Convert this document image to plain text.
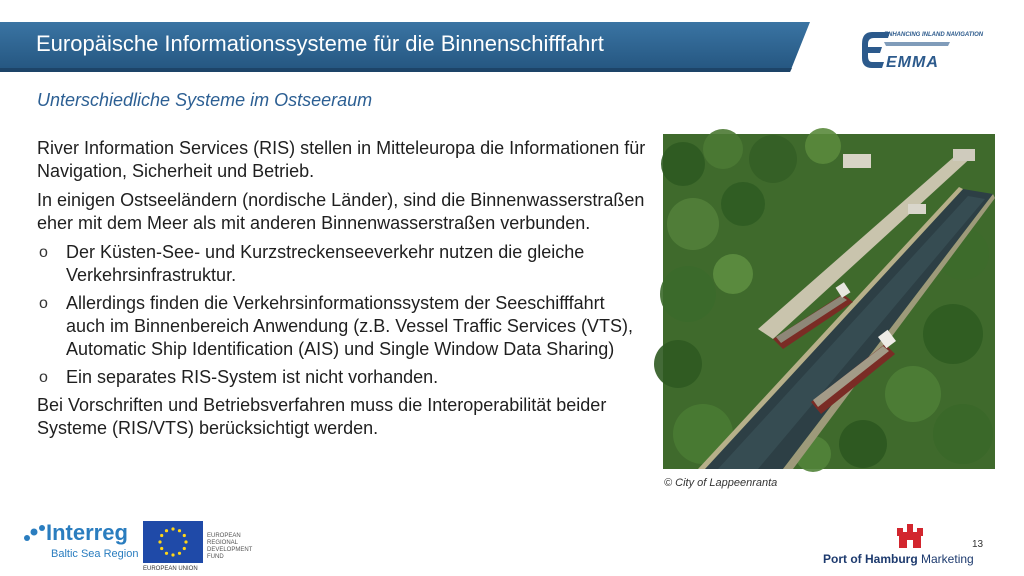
Europäische Informationssysteme für die Binnenschifffahrt	ENHANCING INLAND NAVIGATION
EMMA
Unterschiedliche Systeme im Ostseeraum

River Information Services (RIS) stellen in Mitteleuropa die Informationen für Navigation, Sicherheit und Betrieb.

In einigen Ostseeländern (nordische Länder), sind die Binnenwasserstraßen eher mit dem Meer als mit anderen Binnenwasserstraßen verbunden.

o Der Küsten-See- und Kurzstreckenseeverkehr nutzen die gleiche Verkehrsinfrastruktur.
o Allerdings finden die Verkehrsinformationssystem der Seeschifffahrt auch im Binnenbereich Anwendung (z.B. Vessel Traffic Services (VTS), Automatic Ship Identification (AIS) und Single Window Data Sharing)
o Ein separates RIS-System ist nicht vorhanden.

Bei Vorschriften und Betriebsverfahren muss die Interoperabilität beider Systeme (RIS/VTS) berücksichtigt werden.

© City of Lappeenranta
Interreg
Baltic Sea Region
EUROPEAN REGIONAL DEVELOPMENT FUND
EUROPEAN UNION
13
Port of Hamburg Marketing
